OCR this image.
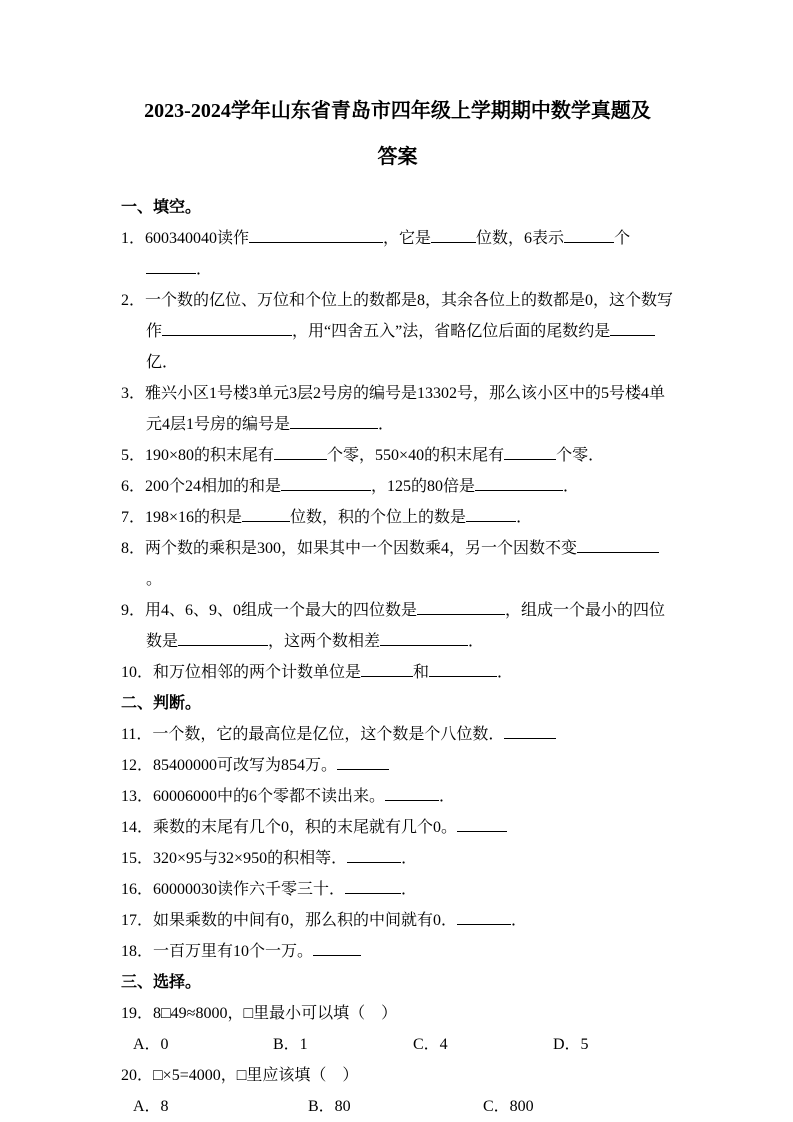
2023-2024学年山东省青岛市四年级上学期期中数学真题及
答案
一、填空。
1．600340040读作	，它是	位数，6表示	个．
2．一个数的亿位、万位和个位上的数都是8，其余各位上的数都是0，这个数写作	，用“四舍五入”法，省略亿位后面的尾数约是亿．
3．雅兴小区1号楼3单元3层2号房的编号是13302号，那么该小区中的5号楼4单元4层1号房的编号是	．
5．190×80的积末尾有	个零，550×40的积末尾有	个零．
6．200个24相加的和是	，125的80倍是	．
7．198×16的积是	位数，积的个位上的数是	．
8．两个数的乘积是300，如果其中一个因数乘4，另一个因数不变。
9．用4、6、9、0组成一个最大的四位数是	，组成一个最小的四位数是	，这两个数相差	．
10．和万位相邻的两个计数单位是	和	．
二、判断。
11．一个数，它的最高位是亿位，这个数是个八位数．
12．85400000可改写为854万。
13．60006000中的6个零都不读出来。	．
14．乘数的末尾有几个0，积的末尾就有几个0。
15．320×95与32×950的积相等．	．
16．60000030读作六千零三十．	．
17．如果乘数的中间有0，那么积的中间就有0．	．
18．一百万里有10个一万。
三、选择。
19．8□49≈8000，□里最小可以填（　）
A．0	B．1	C．4	D．5
20．□×5=4000，□里应该填（　）
A．8	B．80	C．800
